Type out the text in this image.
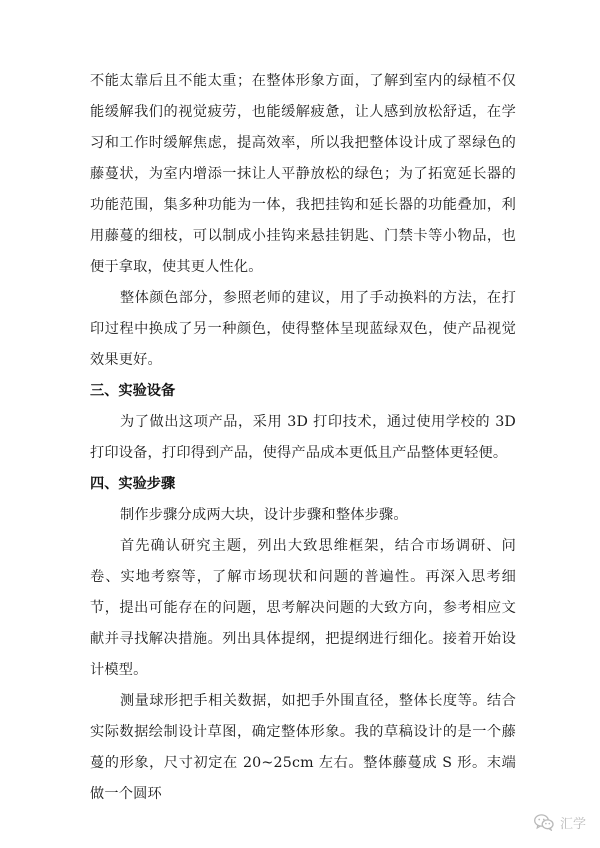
不能太靠后且不能太重；在整体形象方面，了解到室内的绿植不仅能缓解我们的视觉疲劳，也能缓解疲惫，让人感到放松舒适，在学习和工作时缓解焦虑，提高效率，所以我把整体设计成了翠绿色的藤蔓状，为室内增添一抹让人平静放松的绿色；为了拓宽延长器的功能范围，集多种功能为一体，我把挂钩和延长器的功能叠加，利用藤蔓的细枝，可以制成小挂钩来悬挂钥匙、门禁卡等小物品，也便于拿取，使其更人性化。

整体颜色部分，参照老师的建议，用了手动换料的方法，在打印过程中换成了另一种颜色，使得整体呈现蓝绿双色，使产品视觉效果更好。

三、实验设备

为了做出这项产品，采用 3D 打印技术，通过使用学校的 3D 打印设备，打印得到产品，使得产品成本更低且产品整体更轻便。

四、实验步骤

制作步骤分成两大块，设计步骤和整体步骤。

首先确认研究主题，列出大致思维框架，结合市场调研、问卷、实地考察等，了解市场现状和问题的普遍性。再深入思考细节，提出可能存在的问题，思考解决问题的大致方向，参考相应文献并寻找解决措施。列出具体提纲，把提纲进行细化。接着开始设计模型。

测量球形把手相关数据，如把手外围直径，整体长度等。结合实际数据绘制设计草图，确定整体形象。我的草稿设计的是一个藤蔓的形象，尺寸初定在 20~25cm 左右。整体藤蔓成 S 形。末端做一个圆环

汇学
